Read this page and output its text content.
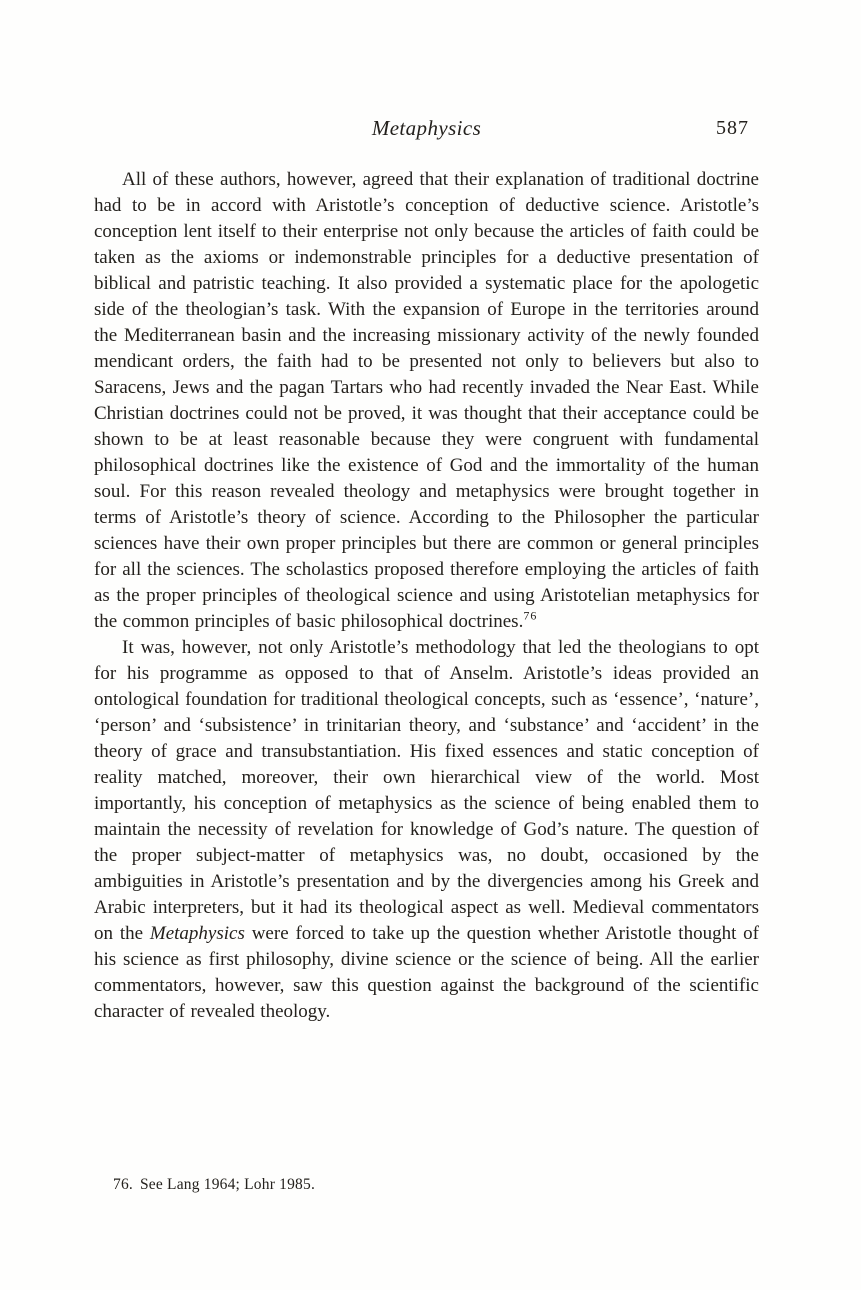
Metaphysics	587

All of these authors, however, agreed that their explanation of traditional doctrine had to be in accord with Aristotle’s conception of deductive science. Aristotle’s conception lent itself to their enterprise not only because the articles of faith could be taken as the axioms or indemonstrable principles for a deductive presentation of biblical and patristic teaching. It also provided a systematic place for the apologetic side of the theologian’s task. With the expansion of Europe in the territories around the Mediterranean basin and the increasing missionary activity of the newly founded mendicant orders, the faith had to be presented not only to believers but also to Saracens, Jews and the pagan Tartars who had recently invaded the Near East. While Christian doctrines could not be proved, it was thought that their acceptance could be shown to be at least reasonable because they were congruent with fundamental philosophical doctrines like the existence of God and the immortality of the human soul. For this reason revealed theology and metaphysics were brought together in terms of Aristotle’s theory of science. According to the Philosopher the particular sciences have their own proper principles but there are common or general principles for all the sciences. The scholastics proposed therefore employing the articles of faith as the proper principles of theological science and using Aristotelian metaphysics for the common principles of basic philosophical doctrines.$^{76}$

It was, however, not only Aristotle’s methodology that led the theologians to opt for his programme as opposed to that of Anselm. Aristotle’s ideas provided an ontological foundation for traditional theological concepts, such as ‘essence’, ‘nature’, ‘person’ and ‘subsistence’ in trinitarian theory, and ‘substance’ and ‘accident’ in the theory of grace and transubstantiation. His fixed essences and static conception of reality matched, moreover, their own hierarchical view of the world. Most importantly, his conception of metaphysics as the science of being enabled them to maintain the necessity of revelation for knowledge of God’s nature. The question of the proper subject-matter of metaphysics was, no doubt, occasioned by the ambiguities in Aristotle’s presentation and by the divergencies among his Greek and Arabic interpreters, but it had its theological aspect as well. Medieval commentators on the Metaphysics were forced to take up the question whether Aristotle thought of his science as first philosophy, divine science or the science of being. All the earlier commentators, however, saw this question against the background of the scientific character of revealed theology.

76. See Lang 1964; Lohr 1985.
